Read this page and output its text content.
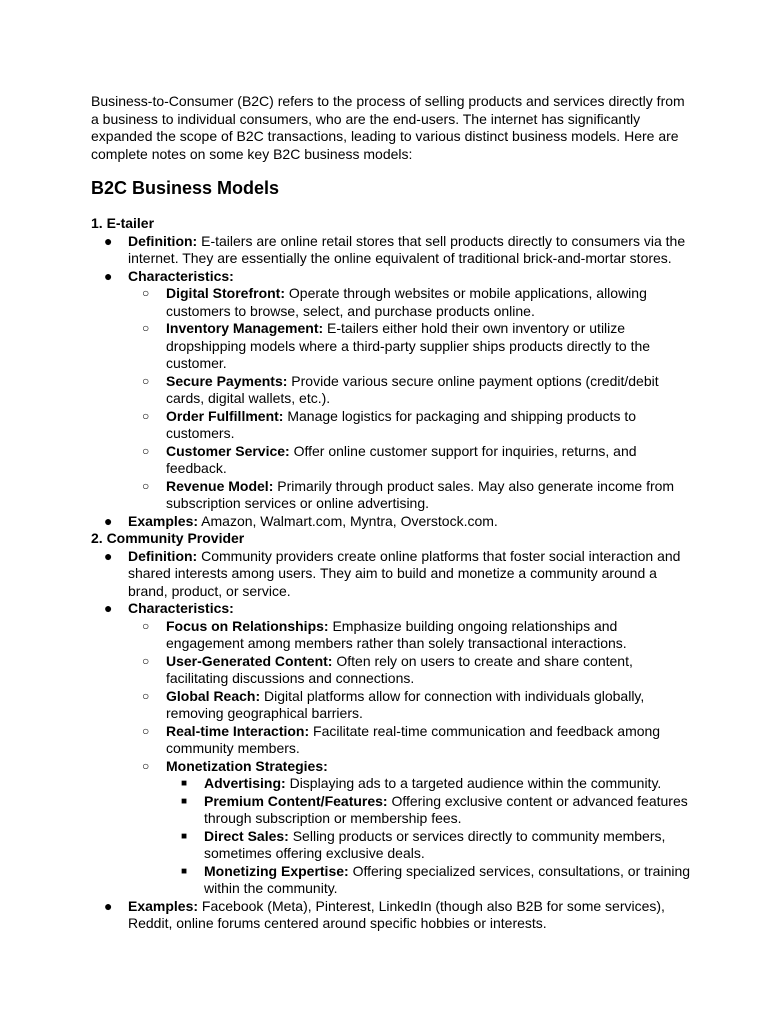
Business-to-Consumer (B2C) refers to the process of selling products and services directly from a business to individual consumers, who are the end-users. The internet has significantly expanded the scope of B2C transactions, leading to various distinct business models. Here are complete notes on some key B2C business models:

B2C Business Models
1. E-tailer
● Definition: E-tailers are online retail stores that sell products directly to consumers via the internet. They are essentially the online equivalent of traditional brick-and-mortar stores.
● Characteristics:
○ Digital Storefront: Operate through websites or mobile applications, allowing customers to browse, select, and purchase products online.
○ Inventory Management: E-tailers either hold their own inventory or utilize dropshipping models where a third-party supplier ships products directly to the customer.
○ Secure Payments: Provide various secure online payment options (credit/debit cards, digital wallets, etc.).
○ Order Fulfillment: Manage logistics for packaging and shipping products to customers.
○ Customer Service: Offer online customer support for inquiries, returns, and feedback.
○ Revenue Model: Primarily through product sales. May also generate income from subscription services or online advertising.
● Examples: Amazon, Walmart.com, Myntra, Overstock.com.
2. Community Provider
● Definition: Community providers create online platforms that foster social interaction and shared interests among users. They aim to build and monetize a community around a brand, product, or service.
● Characteristics:
○ Focus on Relationships: Emphasize building ongoing relationships and engagement among members rather than solely transactional interactions.
○ User-Generated Content: Often rely on users to create and share content, facilitating discussions and connections.
○ Global Reach: Digital platforms allow for connection with individuals globally, removing geographical barriers.
○ Real-time Interaction: Facilitate real-time communication and feedback among community members.
○ Monetization Strategies:
■ Advertising: Displaying ads to a targeted audience within the community.
■ Premium Content/Features: Offering exclusive content or advanced features through subscription or membership fees.
■ Direct Sales: Selling products or services directly to community members, sometimes offering exclusive deals.
■ Monetizing Expertise: Offering specialized services, consultations, or training within the community.
● Examples: Facebook (Meta), Pinterest, LinkedIn (though also B2B for some services), Reddit, online forums centered around specific hobbies or interests.
